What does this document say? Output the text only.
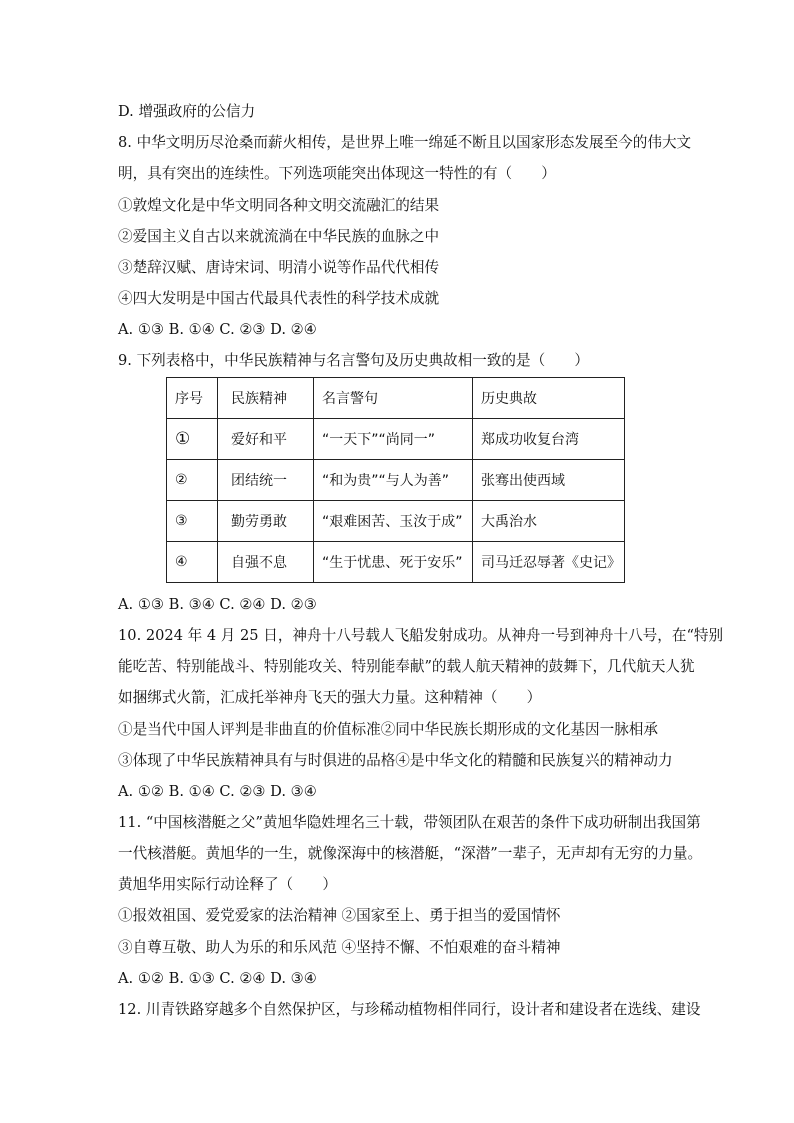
D. 增强政府的公信力
8. 中华文明历尽沧桑而薪火相传，是世界上唯一绵延不断且以国家形态发展至今的伟大文
明，具有突出的连续性。下列选项能突出体现这一特性的有（　　）
①敦煌文化是中华文明同各种文明交流融汇的结果
②爱国主义自古以来就流淌在中华民族的血脉之中
③楚辞汉赋、唐诗宋词、明清小说等作品代代相传
④四大发明是中国古代最具代表性的科学技术成就
A. ①③ B. ①④ C. ②③ D. ②④
9. 下列表格中，中华民族精神与名言警句及历史典故相一致的是（　　）
序号	民族精神	名言警句	历史典故
①	爱好和平	“一天下”“尚同一”	郑成功收复台湾
②	团结统一	“和为贵”“与人为善”	张骞出使西域
③	勤劳勇敢	“艰难困苦、玉汝于成”	大禹治水
④	自强不息	“生于忧患、死于安乐”	司马迁忍辱著《史记》
A. ①③ B. ③④ C. ②④ D. ②③
10. 2024 年 4 月 25 日，神舟十八号载人飞船发射成功。从神舟一号到神舟十八号，在“特别
能吃苦、特别能战斗、特别能攻关、特别能奉献”的载人航天精神的鼓舞下，几代航天人犹
如捆绑式火箭，汇成托举神舟飞天的强大力量。这种精神（　　）
①是当代中国人评判是非曲直的价值标准②同中华民族长期形成的文化基因一脉相承
③体现了中华民族精神具有与时俱进的品格④是中华文化的精髓和民族复兴的精神动力
A. ①② B. ①④ C. ②③ D. ③④
11. “中国核潜艇之父”黄旭华隐姓埋名三十载，带领团队在艰苦的条件下成功研制出我国第
一代核潜艇。黄旭华的一生，就像深海中的核潜艇，“深潜”一辈子，无声却有无穷的力量。
黄旭华用实际行动诠释了（　　）
①报效祖国、爱党爱家的法治精神 ②国家至上、勇于担当的爱国情怀
③自尊互敬、助人为乐的和乐风范 ④坚持不懈、不怕艰难的奋斗精神
A. ①② B. ①③ C. ②④ D. ③④
12. 川青铁路穿越多个自然保护区，与珍稀动植物相伴同行，设计者和建设者在选线、建设
